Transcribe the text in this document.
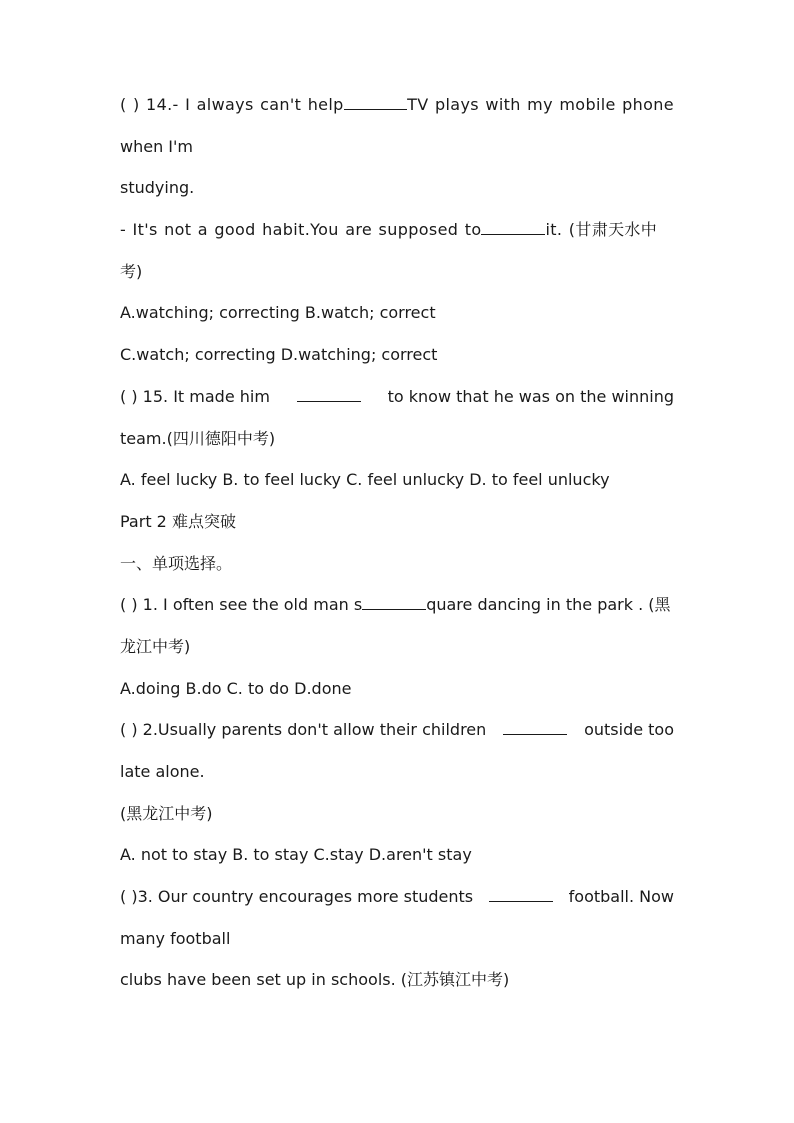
( ) 14.- I always can't help	TV plays with my mobile phone
when I'm
studying.
- It's not a good habit.You are supposed to	it. (甘肃天水中
考)
A.watching; correcting B.watch; correct
C.watch; correcting D.watching; correct
( ) 15. It made him	to know that he was on the winning
team.(四川德阳中考)
A. feel lucky B. to feel lucky C. feel unlucky D. to feel unlucky
Part 2 难点突破
一、单项选择。
( ) 1. I often see the old man s	quare dancing in the park . (黑
龙江中考)
A.doing B.do C. to do D.done
( ) 2.Usually parents don't allow their children	outside too
late alone.
(黑龙江中考)
A. not to stay B. to stay C.stay D.aren't stay
( )3. Our country encourages more students	football. Now
many football
clubs have been set up in schools. (江苏镇江中考)
